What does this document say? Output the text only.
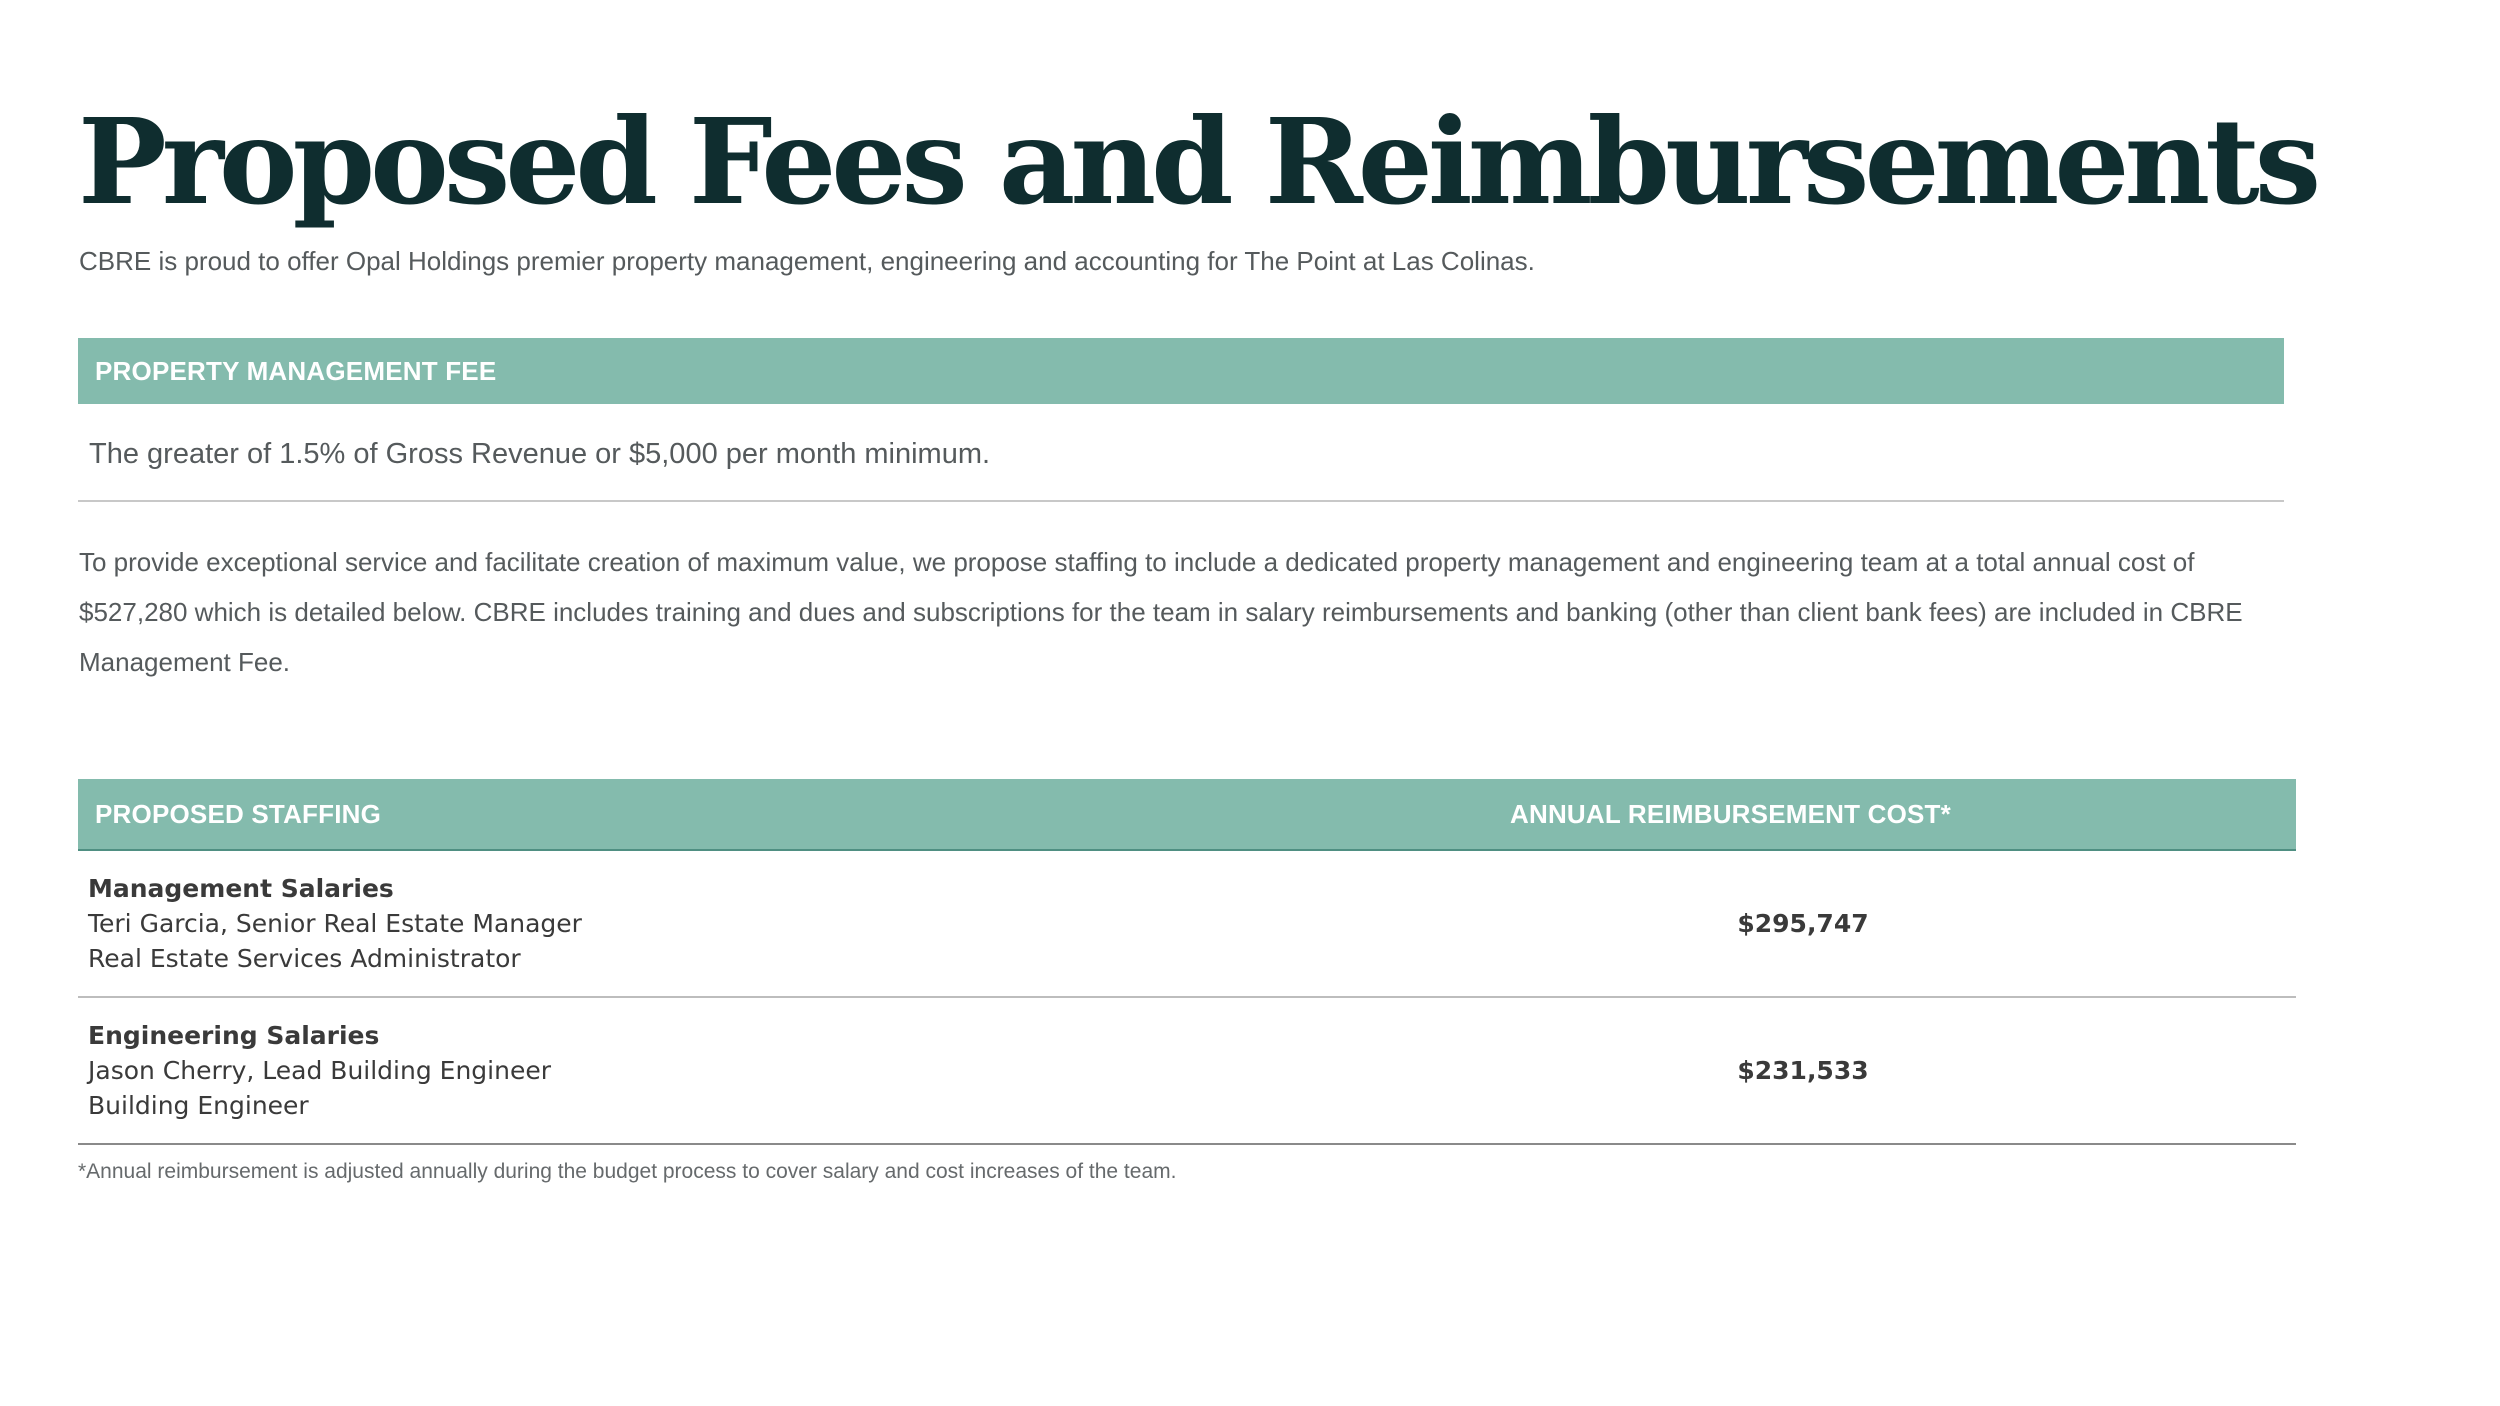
Proposed Fees and Reimbursements

CBRE is proud to offer Opal Holdings premier property management, engineering and accounting for The Point at Las Colinas.

PROPERTY MANAGEMENT FEE

The greater of 1.5% of Gross Revenue or $5,000 per month minimum.

To provide exceptional service and facilitate creation of maximum value, we propose staffing to include a dedicated property management and engineering team at a total annual cost of $527,280 which is detailed below. CBRE includes training and dues and subscriptions for the team in salary reimbursements and banking (other than client bank fees) are included in CBRE Management Fee.

PROPOSED STAFFING	ANNUAL REIMBURSEMENT COST*
Management Salaries
Teri Garcia, Senior Real Estate Manager
Real Estate Services Administrator
$295,747
Engineering Salaries
Jason Cherry, Lead Building Engineer
Building Engineer
$231,533

*Annual reimbursement is adjusted annually during the budget process to cover salary and cost increases of the team.
